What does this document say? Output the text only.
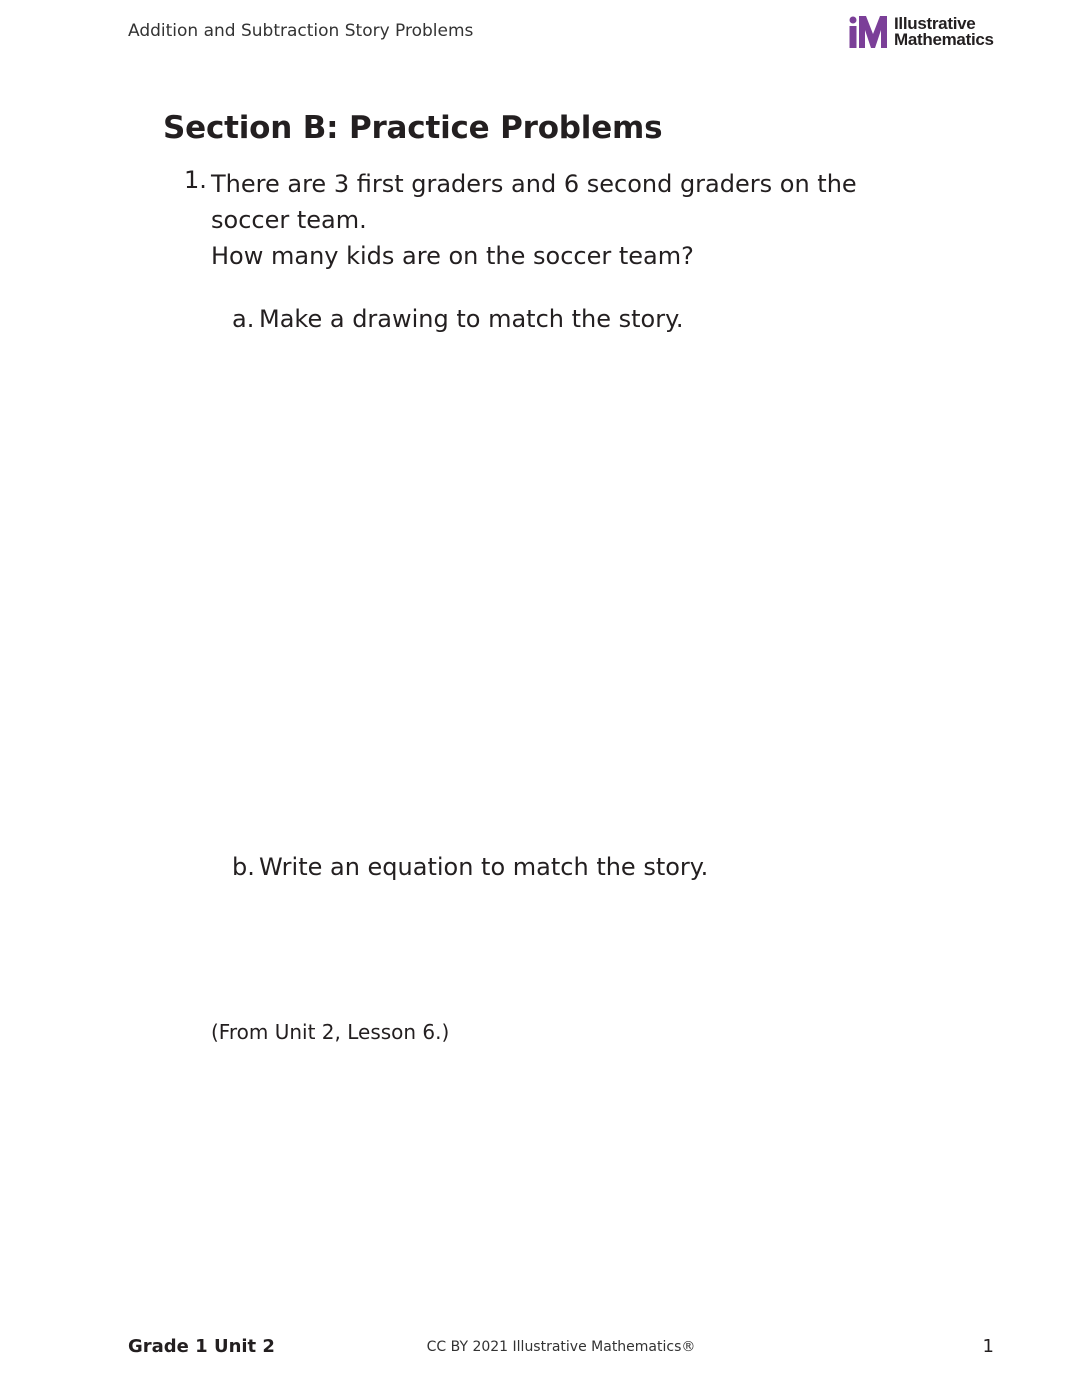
Addition and Subtraction Story Problems	Illustrative
Mathematics
Section B: Practice Problems
1. There are 3 first graders and 6 second graders on the soccer team.
How many kids are on the soccer team?
a. Make a drawing to match the story.
b. Write an equation to match the story.
(From Unit 2, Lesson 6.)
Grade 1 Unit 2	CC BY 2021 Illustrative Mathematics®	1
